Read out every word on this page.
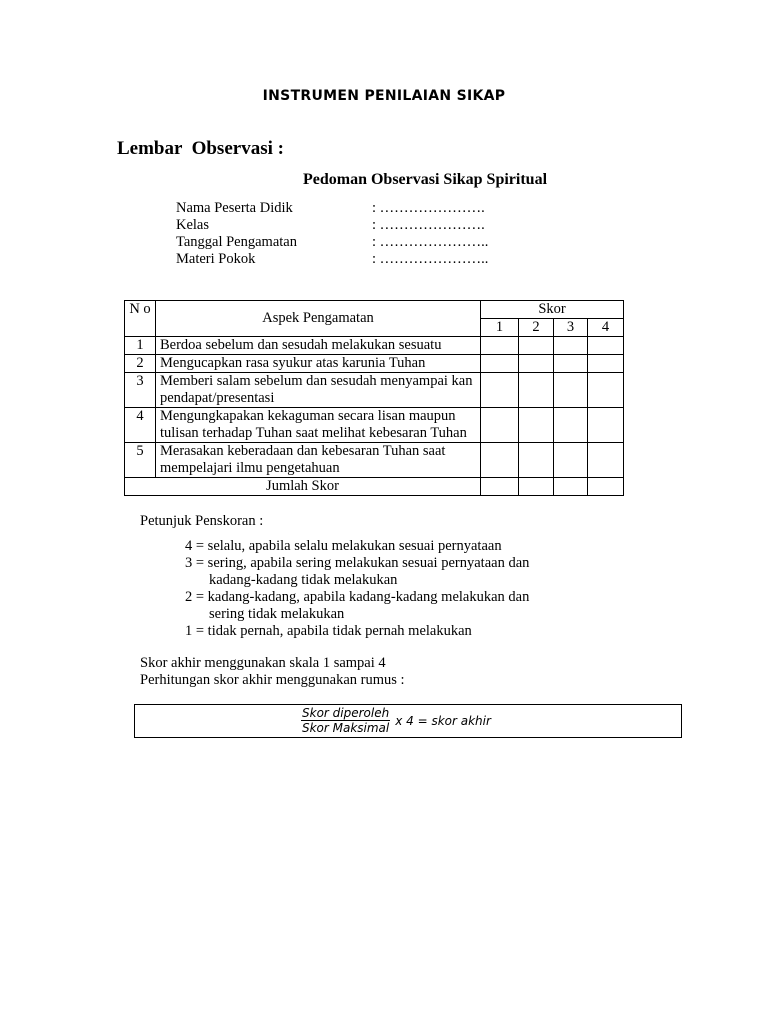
INSTRUMEN PENILAIAN SIKAP
Lembar  Observasi :
Pedoman Observasi Sikap Spiritual
Nama Peserta Didik	: ………………….
Kelas	: ………………….
Tanggal Pengamatan	: …………………..
Materi Pokok	: …………………..
N o	Aspek Pengamatan	Skor			
		1	2	3	4
1	Berdoa sebelum dan sesudah melakukan sesuatu				
2	Mengucapkan rasa syukur atas karunia Tuhan				
3	Memberi salam sebelum dan sesudah menyampai kan pendapat/presentasi				
4	Mengungkapakan kekaguman secara lisan maupun tulisan terhadap Tuhan saat melihat kebesaran Tuhan				
5	Merasakan keberadaan dan kebesaran Tuhan saat mempelajari ilmu pengetahuan				
Jumlah Skor					
Petunjuk Penskoran :
4 = selalu, apabila selalu melakukan sesuai pernyataan
3 = sering, apabila sering melakukan sesuai pernyataan dan
kadang-kadang tidak melakukan
2 = kadang-kadang, apabila kadang-kadang melakukan dan
sering tidak melakukan
1 = tidak pernah, apabila tidak pernah melakukan
Skor akhir menggunakan skala 1 sampai 4
Perhitungan skor akhir menggunakan rumus :
$\frac{\text{Skor diperoleh}}{\text{Skor Maksimal}}$ x 4 = skor akhir
